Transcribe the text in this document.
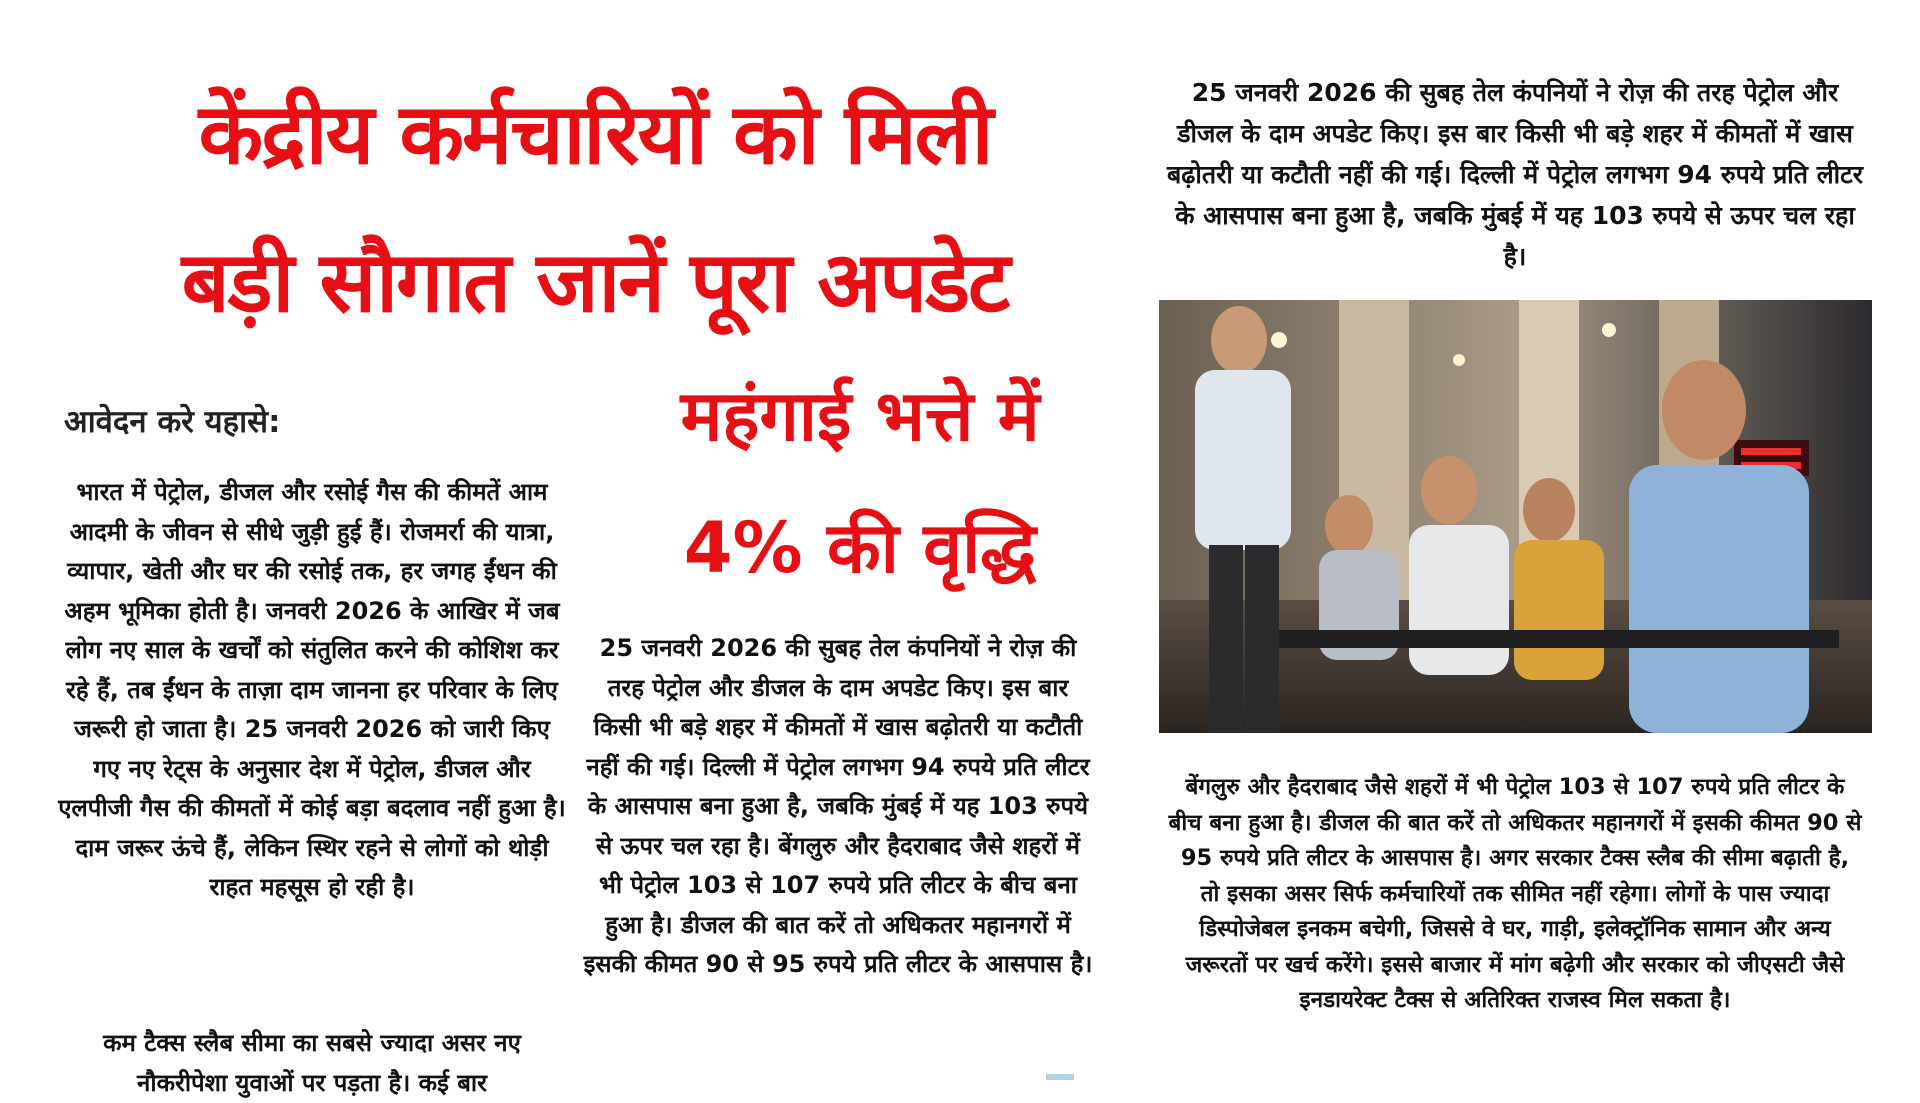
केंद्रीय कर्मचारियों को मिली
बड़ी सौगात जानें पूरा अपडेट
महंगाई भत्ते में
4% की वृद्धि
आवेदन करे यहासे:
भारत में पेट्रोल, डीजल और रसोई गैस की कीमतें आम आदमी के जीवन से सीधे जुड़ी हुई हैं। रोजमर्रा की यात्रा, व्यापार, खेती और घर की रसोई तक, हर जगह ईंधन की अहम भूमिका होती है। जनवरी 2026 के आखिर में जब लोग नए साल के खर्चों को संतुलित करने की कोशिश कर रहे हैं, तब ईंधन के ताज़ा दाम जानना हर परिवार के लिए जरूरी हो जाता है। 25 जनवरी 2026 को जारी किए गए नए रेट्स के अनुसार देश में पेट्रोल, डीजल और एलपीजी गैस की कीमतों में कोई बड़ा बदलाव नहीं हुआ है। दाम जरूर ऊंचे हैं, लेकिन स्थिर रहने से लोगों को थोड़ी राहत महसूस हो रही है।
कम टैक्स स्लैब सीमा का सबसे ज्यादा असर नए नौकरीपेशा युवाओं पर पड़ता है। कई बार
25 जनवरी 2026 की सुबह तेल कंपनियों ने रोज़ की तरह पेट्रोल और डीजल के दाम अपडेट किए। इस बार किसी भी बड़े शहर में कीमतों में खास बढ़ोतरी या कटौती नहीं की गई। दिल्ली में पेट्रोल लगभग 94 रुपये प्रति लीटर के आसपास बना हुआ है, जबकि मुंबई में यह 103 रुपये से ऊपर चल रहा है। बेंगलुरु और हैदराबाद जैसे शहरों में भी पेट्रोल 103 से 107 रुपये प्रति लीटर के बीच बना हुआ है। डीजल की बात करें तो अधिकतर महानगरों में इसकी कीमत 90 से 95 रुपये प्रति लीटर के आसपास है।
25 जनवरी 2026 की सुबह तेल कंपनियों ने रोज़ की तरह पेट्रोल और डीजल के दाम अपडेट किए। इस बार किसी भी बड़े शहर में कीमतों में खास बढ़ोतरी या कटौती नहीं की गई। दिल्ली में पेट्रोल लगभग 94 रुपये प्रति लीटर के आसपास बना हुआ है, जबकि मुंबई में यह 103 रुपये से ऊपर चल रहा है।
बेंगलुरु और हैदराबाद जैसे शहरों में भी पेट्रोल 103 से 107 रुपये प्रति लीटर के बीच बना हुआ है। डीजल की बात करें तो अधिकतर महानगरों में इसकी कीमत 90 से 95 रुपये प्रति लीटर के आसपास है। अगर सरकार टैक्स स्लैब की सीमा बढ़ाती है, तो इसका असर सिर्फ कर्मचारियों तक सीमित नहीं रहेगा। लोगों के पास ज्यादा डिस्पोजेबल इनकम बचेगी, जिससे वे घर, गाड़ी, इलेक्ट्रॉनिक सामान और अन्य जरूरतों पर खर्च करेंगे। इससे बाजार में मांग बढ़ेगी और सरकार को जीएसटी जैसे इनडायरेक्ट टैक्स से अतिरिक्त राजस्व मिल सकता है।
